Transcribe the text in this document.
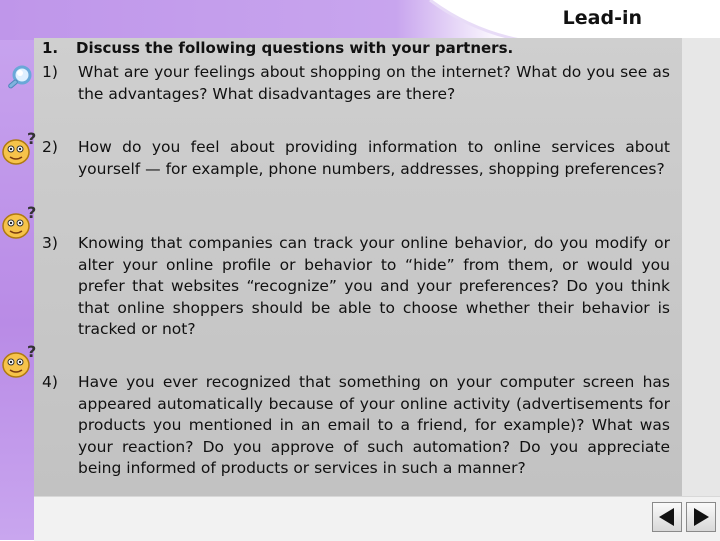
Lead-in
1. Discuss the following questions with your partners.
1)	What are your feelings about shopping on the internet? What do you see as the advantages? What disadvantages are there?
2)	How do you feel about providing information to online services about yourself — for example, phone numbers, addresses, shopping preferences?
3)	Knowing that companies can track your online behavior, do you modify or alter your online profile or behavior to “hide” from them, or would you prefer that websites “recognize” you and your preferences? Do you think that online shoppers should be able to choose whether their behavior is tracked or not?
4)	Have you ever recognized that something on your computer screen has appeared automatically because of your online activity (advertisements for products you mentioned in an email to a friend, for example)? What was your reaction? Do you approve of such automation? Do you appreciate being informed of products or services in such a manner?
?
?
?
